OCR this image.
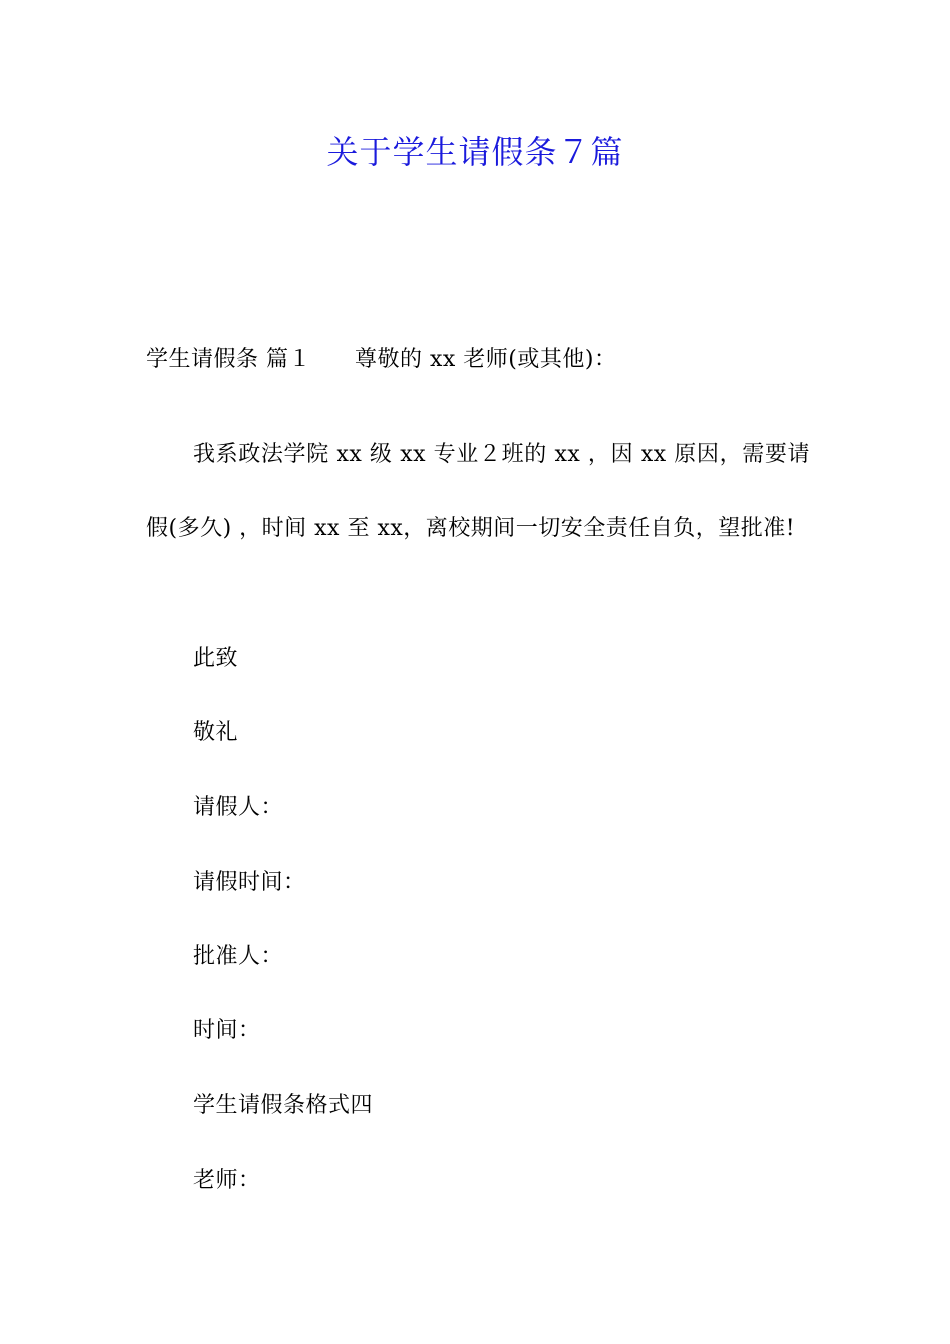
关于学生请假条７篇
学生请假条 篇１ 尊敬的 xx 老师(或其他)：
我系政法学院 xx 级 xx 专业２班的 xx ，因 xx 原因，需要请假(多久) ，时间 xx 至 xx，离校期间一切安全责任自负，望批准!
此致
敬礼
请假人：
请假时间：
批准人：
时间：
学生请假条格式四
老师：
